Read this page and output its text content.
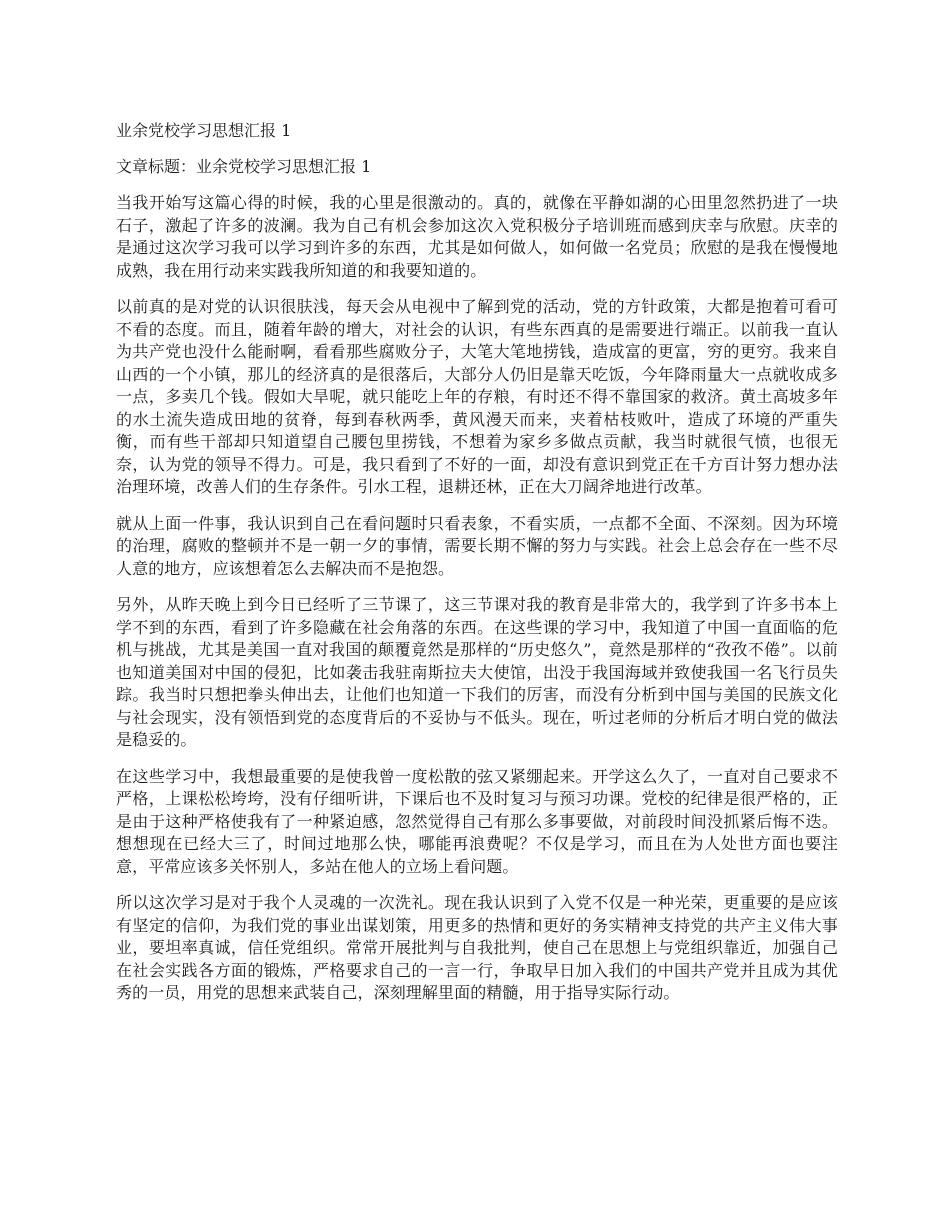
业余党校学习思想汇报 1
文章标题：业余党校学习思想汇报 1

当我开始写这篇心得的时候，我的心里是很激动的。真的，就像在平静如湖的心田里忽然扔进了一块石子，激起了许多的波澜。我为自己有机会参加这次入党积极分子培训班而感到庆幸与欣慰。庆幸的是通过这次学习我可以学习到许多的东西，尤其是如何做人，如何做一名党员；欣慰的是我在慢慢地成熟，我在用行动来实践我所知道的和我要知道的。

以前真的是对党的认识很肤浅，每天会从电视中了解到党的活动，党的方针政策，大都是抱着可看可不看的态度。而且，随着年龄的增大，对社会的认识，有些东西真的是需要进行端正。以前我一直认为共产党也没什么能耐啊，看看那些腐败分子，大笔大笔地捞钱，造成富的更富，穷的更穷。我来自山西的一个小镇，那儿的经济真的是很落后，大部分人仍旧是靠天吃饭，今年降雨量大一点就收成多一点，多卖几个钱。假如大旱呢，就只能吃上年的存粮，有时还不得不靠国家的救济。黄土高坡多年的水土流失造成田地的贫脊，每到春秋两季，黄风漫天而来，夹着枯枝败叶，造成了环境的严重失衡，而有些干部却只知道望自己腰包里捞钱，不想着为家乡多做点贡献，我当时就很气愤，也很无奈，认为党的领导不得力。可是，我只看到了不好的一面，却没有意识到党正在千方百计努力想办法治理环境，改善人们的生存条件。引水工程，退耕还林，正在大刀阔斧地进行改革。

就从上面一件事，我认识到自己在看问题时只看表象，不看实质，一点都不全面、不深刻。因为环境的治理，腐败的整顿并不是一朝一夕的事情，需要长期不懈的努力与实践。社会上总会存在一些不尽人意的地方，应该想着怎么去解决而不是抱怨。

另外，从昨天晚上到今日已经听了三节课了，这三节课对我的教育是非常大的，我学到了许多书本上学不到的东西，看到了许多隐藏在社会角落的东西。在这些课的学习中，我知道了中国一直面临的危机与挑战，尤其是美国一直对我国的颠覆竟然是那样的“历史悠久”，竟然是那样的“孜孜不倦”。以前也知道美国对中国的侵犯，比如袭击我驻南斯拉夫大使馆，出没于我国海域并致使我国一名飞行员失踪。我当时只想把拳头伸出去，让他们也知道一下我们的厉害，而没有分析到中国与美国的民族文化与社会现实，没有领悟到党的态度背后的不妥协与不低头。现在，听过老师的分析后才明白党的做法是稳妥的。

在这些学习中，我想最重要的是使我曾一度松散的弦又紧绷起来。开学这么久了，一直对自己要求不严格，上课松松垮垮，没有仔细听讲，下课后也不及时复习与预习功课。党校的纪律是很严格的，正是由于这种严格使我有了一种紧迫感，忽然觉得自己有那么多事要做，对前段时间没抓紧后悔不迭。想想现在已经大三了，时间过地那么快，哪能再浪费呢？不仅是学习，而且在为人处世方面也要注意，平常应该多关怀别人，多站在他人的立场上看问题。

所以这次学习是对于我个人灵魂的一次洗礼。现在我认识到了入党不仅是一种光荣，更重要的是应该有坚定的信仰，为我们党的事业出谋划策，用更多的热情和更好的务实精神支持党的共产主义伟大事业，要坦率真诚，信任党组织。常常开展批判与自我批判，使自己在思想上与党组织靠近，加强自己在社会实践各方面的锻炼，严格要求自己的一言一行，争取早日加入我们的中国共产党并且成为其优秀的一员，用党的思想来武装自己，深刻理解里面的精髓，用于指导实际行动。
